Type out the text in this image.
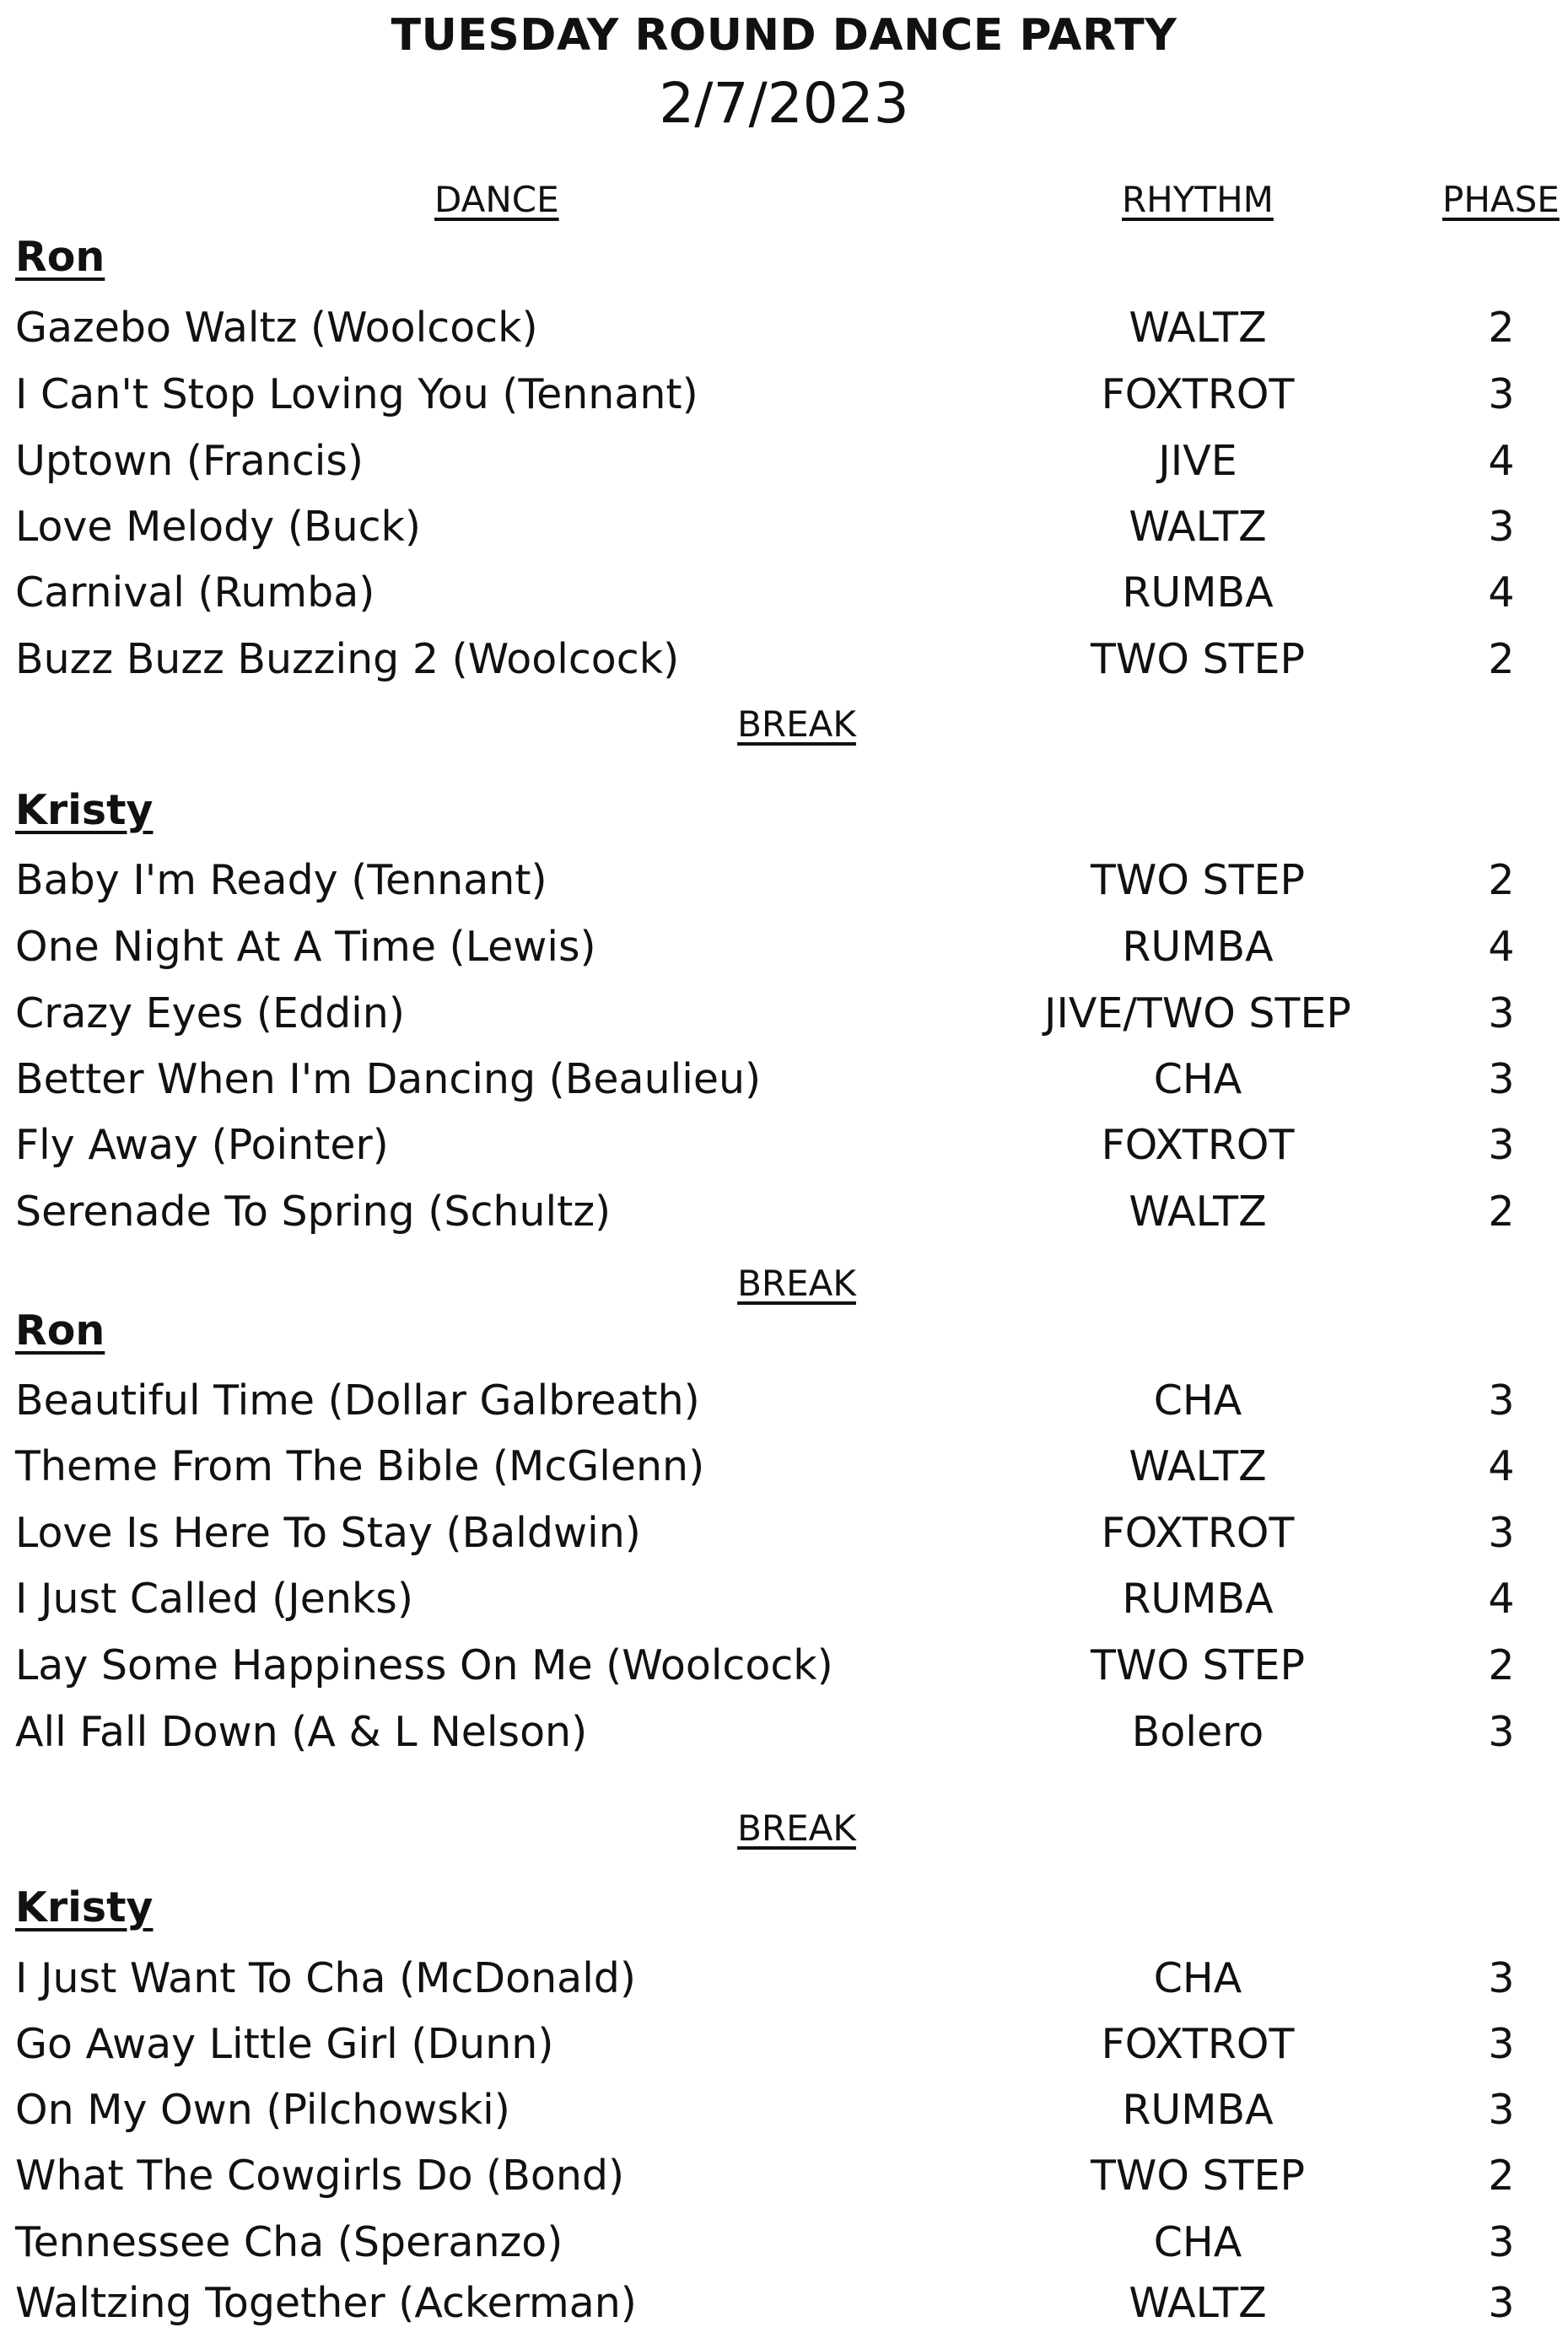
TUESDAY ROUND DANCE PARTY
2/7/2023
DANCE	RHYTHM	PHASE
Ron
Gazebo Waltz (Woolcock)	WALTZ	2
I Can't Stop Loving You (Tennant)	FOXTROT	3
Uptown (Francis)	JIVE	4
Love Melody (Buck)	WALTZ	3
Carnival (Rumba)	RUMBA	4
Buzz Buzz Buzzing 2 (Woolcock)	TWO STEP	2
BREAK
Kristy
Baby I'm Ready (Tennant)	TWO STEP	2
One Night At A Time (Lewis)	RUMBA	4
Crazy Eyes (Eddin)	JIVE/TWO STEP	3
Better When I'm Dancing (Beaulieu)	CHA	3
Fly Away (Pointer)	FOXTROT	3
Serenade To Spring (Schultz)	WALTZ	2
BREAK
Ron
Beautiful Time (Dollar Galbreath)	CHA	3
Theme From The Bible (McGlenn)	WALTZ	4
Love Is Here To Stay (Baldwin)	FOXTROT	3
I Just Called (Jenks)	RUMBA	4
Lay Some Happiness On Me (Woolcock)	TWO STEP	2
All Fall Down (A & L Nelson)	Bolero	3
BREAK
Kristy
I Just Want To Cha (McDonald)	CHA	3
Go Away Little Girl (Dunn)	FOXTROT	3
On My Own (Pilchowski)	RUMBA	3
What The Cowgirls Do (Bond)	TWO STEP	2
Tennessee Cha (Speranzo)	CHA	3
Waltzing Together (Ackerman)	WALTZ	3
